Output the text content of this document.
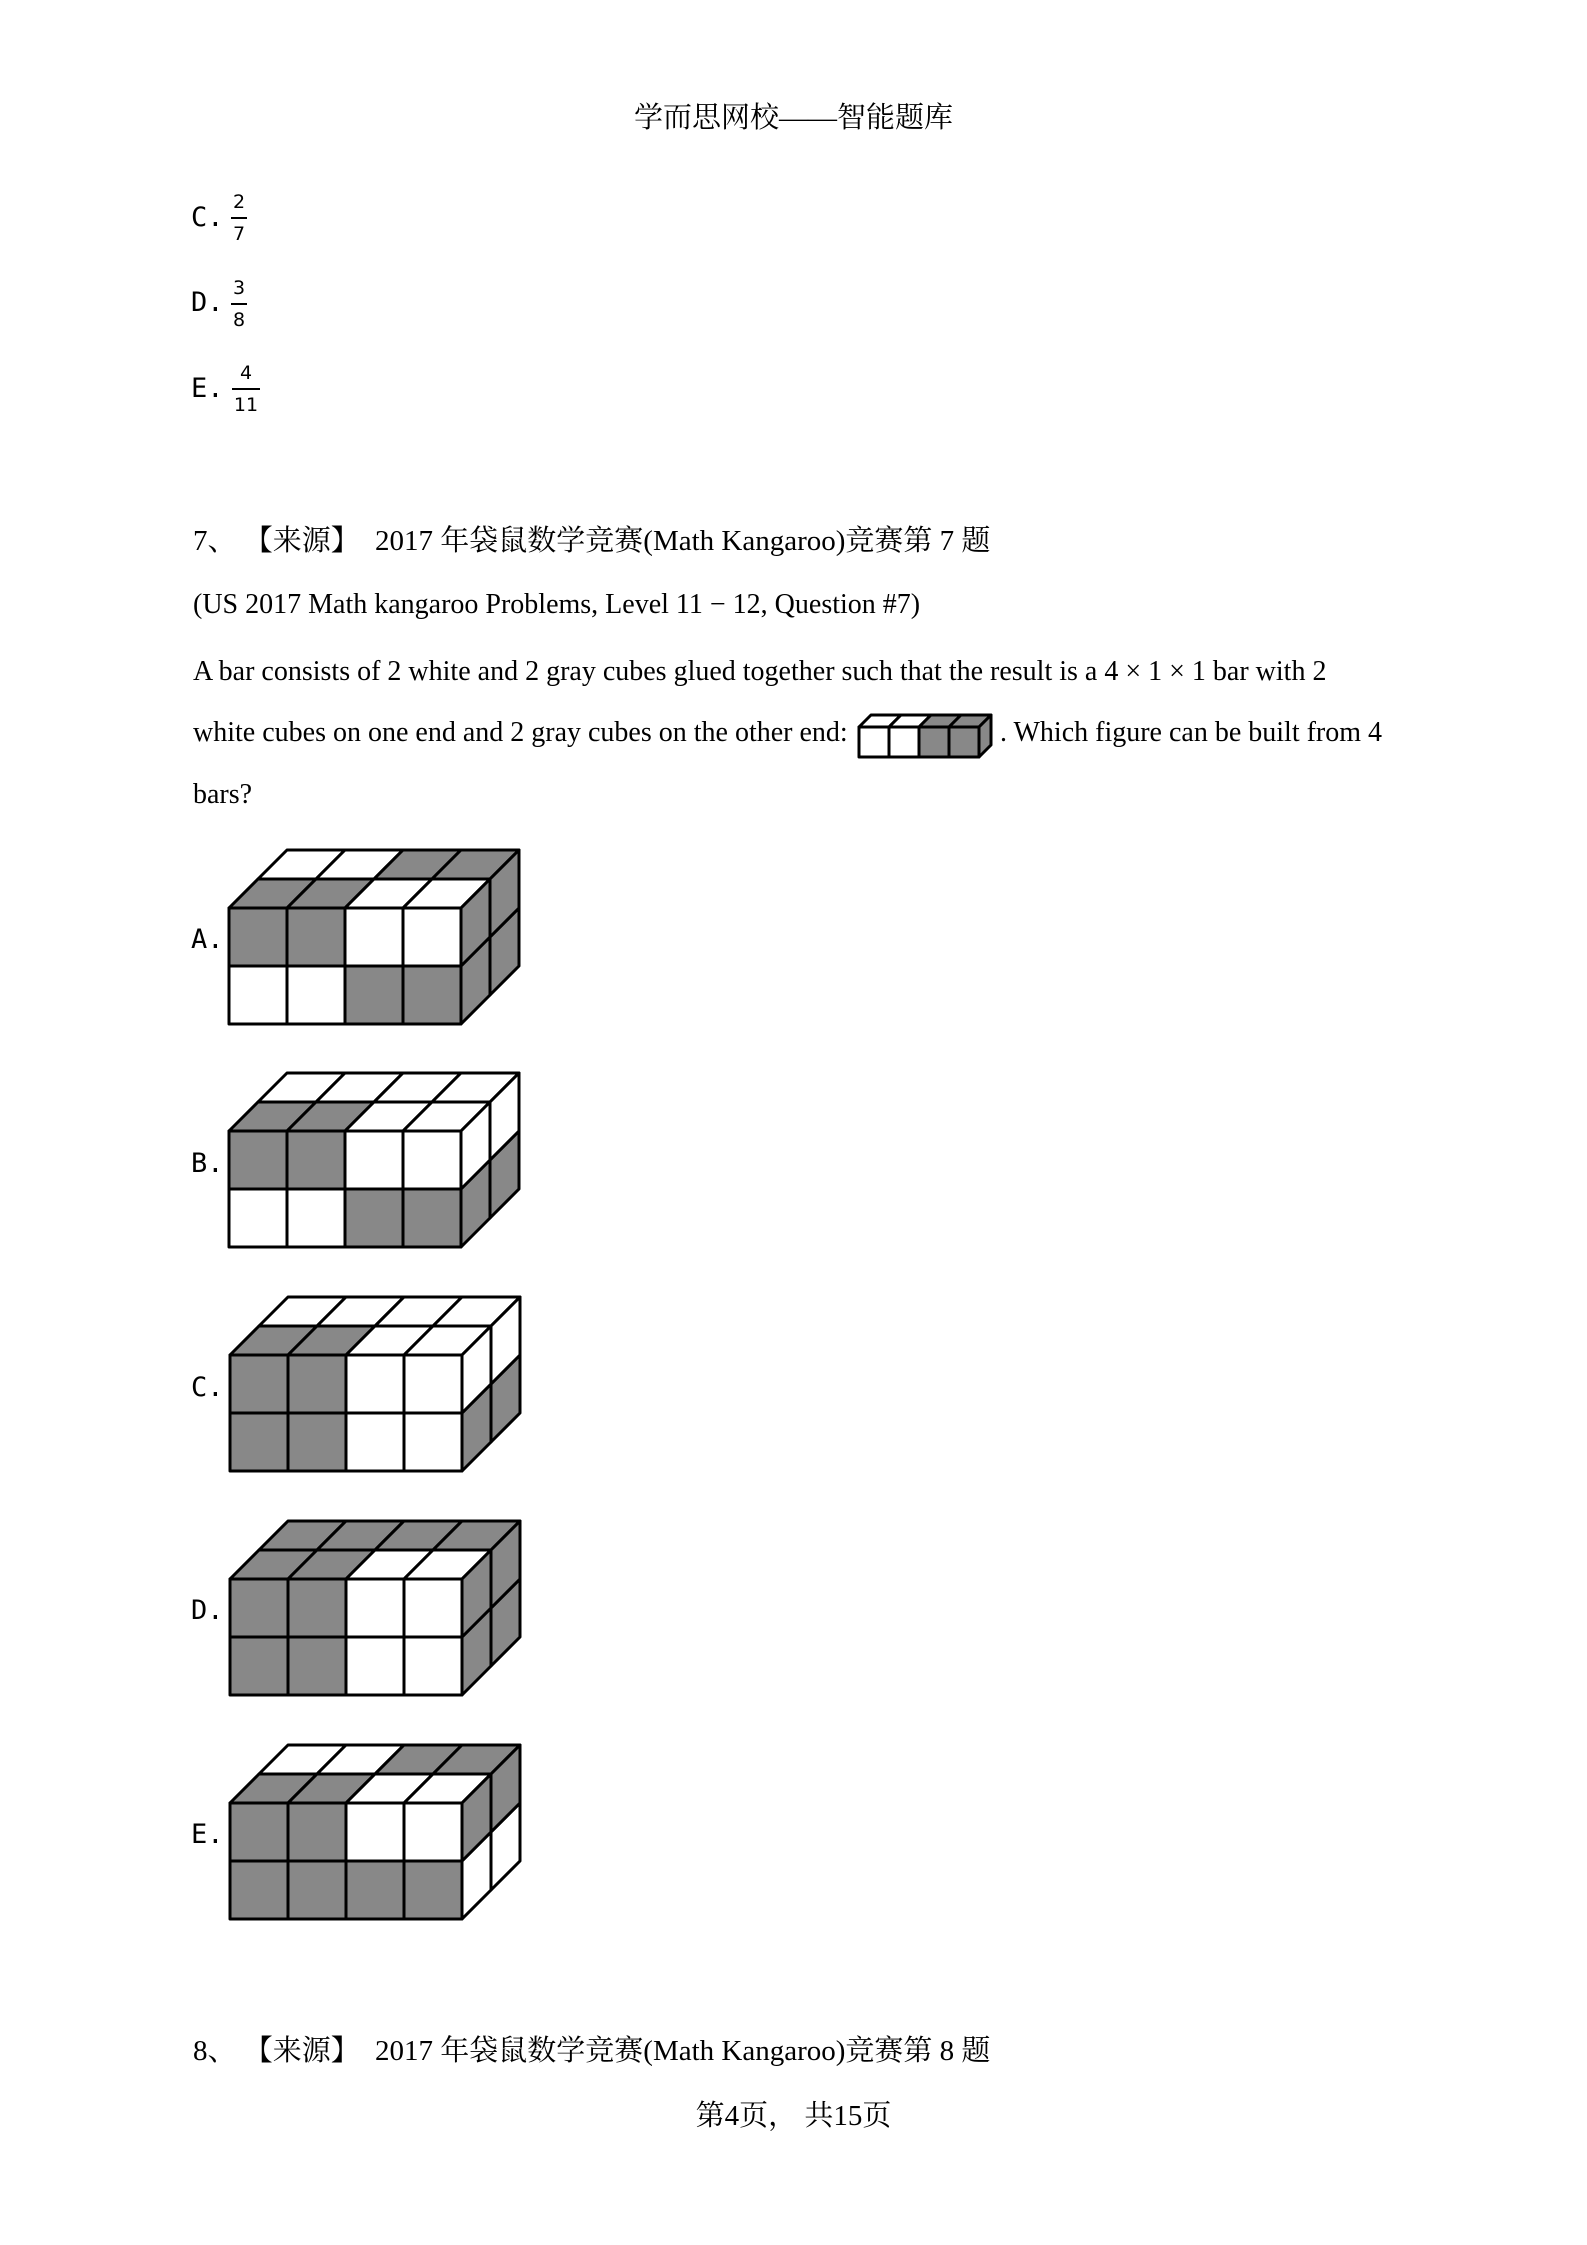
学而思网校——智能题库
C. 2
7
D. 3
8
E. 4
11
7、 【来源】 2017 年袋鼠数学竞赛(Math Kangaroo)竞赛第 7 题
(US 2017 Math kangaroo Problems, Level 11 − 12, Question #7)
A bar consists of 2 white and 2 gray cubes glued together such that the result is a 4 × 1 × 1 bar with 2
white cubes on one end and 2 gray cubes on the other end:	. Which figure can be built from 4
bars?
A.
B.
C.
D.
E.
8、 【来源】 2017 年袋鼠数学竞赛(Math Kangaroo)竞赛第 8 题
第4页， 共15页
